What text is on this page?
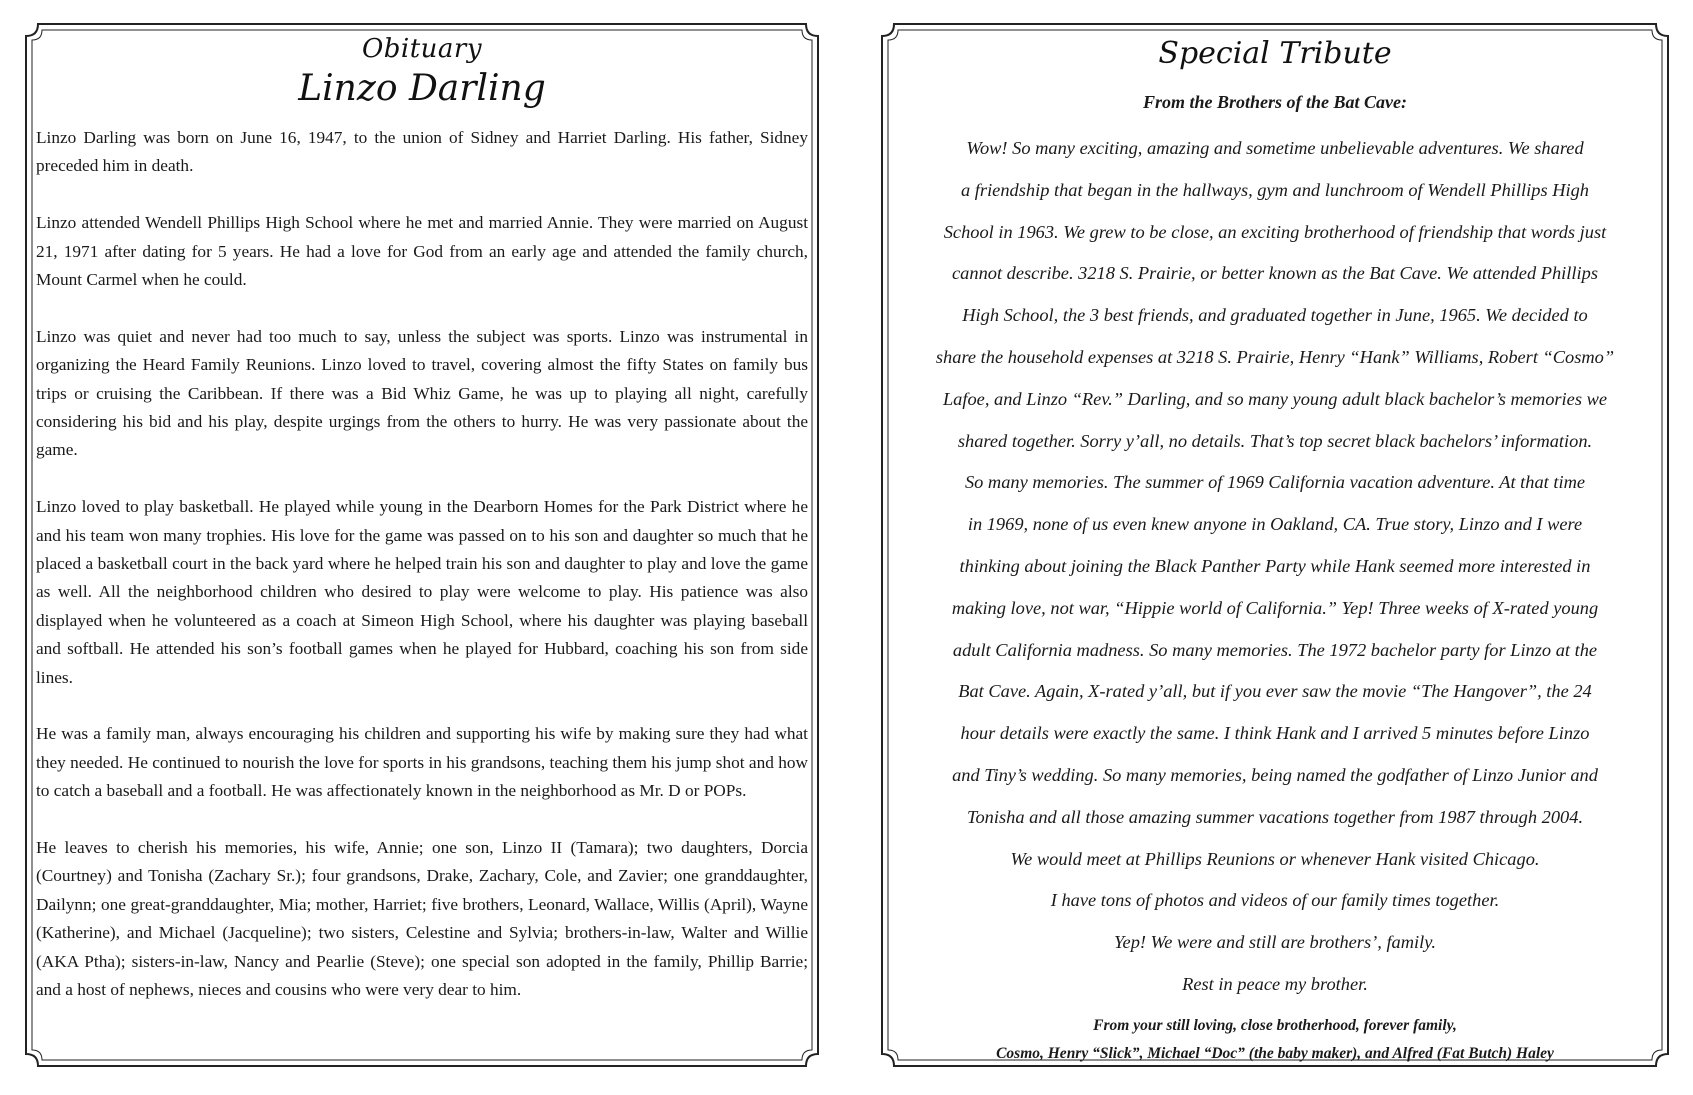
Obituary
Linzo Darling

Linzo Darling was born on June 16, 1947, to the union of Sidney and Harriet Darling. His father, Sidney preceded him in death.

Linzo attended Wendell Phillips High School where he met and married Annie. They were married on August 21, 1971 after dating for 5 years. He had a love for God from an early age and attended the family church, Mount Carmel when he could.

Linzo was quiet and never had too much to say, unless the subject was sports. Linzo was instrumental in organizing the Heard Family Reunions. Linzo loved to travel, covering almost the fifty States on family bus trips or cruising the Caribbean. If there was a Bid Whiz Game, he was up to playing all night, carefully considering his bid and his play, despite urgings from the others to hurry. He was very passionate about the game.

Linzo loved to play basketball. He played while young in the Dearborn Homes for the Park District where he and his team won many trophies. His love for the game was passed on to his son and daughter so much that he placed a basketball court in the back yard where he helped train his son and daughter to play and love the game as well. All the neighborhood children who desired to play were welcome to play. His patience was also displayed when he volunteered as a coach at Simeon High School, where his daughter was playing baseball and softball. He attended his son’s football games when he played for Hubbard, coaching his son from side lines.

He was a family man, always encouraging his children and supporting his wife by making sure they had what they needed. He continued to nourish the love for sports in his grandsons, teaching them his jump shot and how to catch a baseball and a football. He was affectionately known in the neighborhood as Mr. D or POPs.

He leaves to cherish his memories, his wife, Annie; one son, Linzo II (Tamara); two daughters, Dorcia (Courtney) and Tonisha (Zachary Sr.); four grandsons, Drake, Zachary, Cole, and Zavier; one granddaughter, Dailynn; one great-granddaughter, Mia; mother, Harriet; five brothers, Leonard, Wallace, Willis (April), Wayne (Katherine), and Michael (Jacqueline); two sisters, Celestine and Sylvia; brothers-in-law, Walter and Willie (AKA Ptha); sisters-in-law, Nancy and Pearlie (Steve); one special son adopted in the family, Phillip Barrie; and a host of nephews, nieces and cousins who were very dear to him.

Special Tribute

From the Brothers of the Bat Cave:

Wow! So many exciting, amazing and sometime unbelievable adventures. We shared

a friendship that began in the hallways, gym and lunchroom of Wendell Phillips High

School in 1963. We grew to be close, an exciting brotherhood of friendship that words just

cannot describe. 3218 S. Prairie, or better known as the Bat Cave. We attended Phillips

High School, the 3 best friends, and graduated together in June, 1965. We decided to

share the household expenses at 3218 S. Prairie, Henry “Hank” Williams, Robert “Cosmo”

Lafoe, and Linzo “Rev.” Darling, and so many young adult black bachelor’s memories we

shared together. Sorry y’all, no details. That’s top secret black bachelors’ information.

So many memories. The summer of 1969 California vacation adventure. At that time

in 1969, none of us even knew anyone in Oakland, CA. True story, Linzo and I were

thinking about joining the Black Panther Party while Hank seemed more interested in

making love, not war, “Hippie world of California.” Yep! Three weeks of X-rated young

adult California madness. So many memories. The 1972 bachelor party for Linzo at the

Bat Cave. Again, X-rated y’all, but if you ever saw the movie “The Hangover”, the 24

hour details were exactly the same. I think Hank and I arrived 5 minutes before Linzo

and Tiny’s wedding. So many memories, being named the godfather of Linzo Junior and

Tonisha and all those amazing summer vacations together from 1987 through 2004.

We would meet at Phillips Reunions or whenever Hank visited Chicago.

I have tons of photos and videos of our family times together.

Yep! We were and still are brothers’, family.

Rest in peace my brother.

From your still loving, close brotherhood, forever family,

Cosmo, Henry “Slick”, Michael “Doc” (the baby maker), and Alfred (Fat Butch) Haley
